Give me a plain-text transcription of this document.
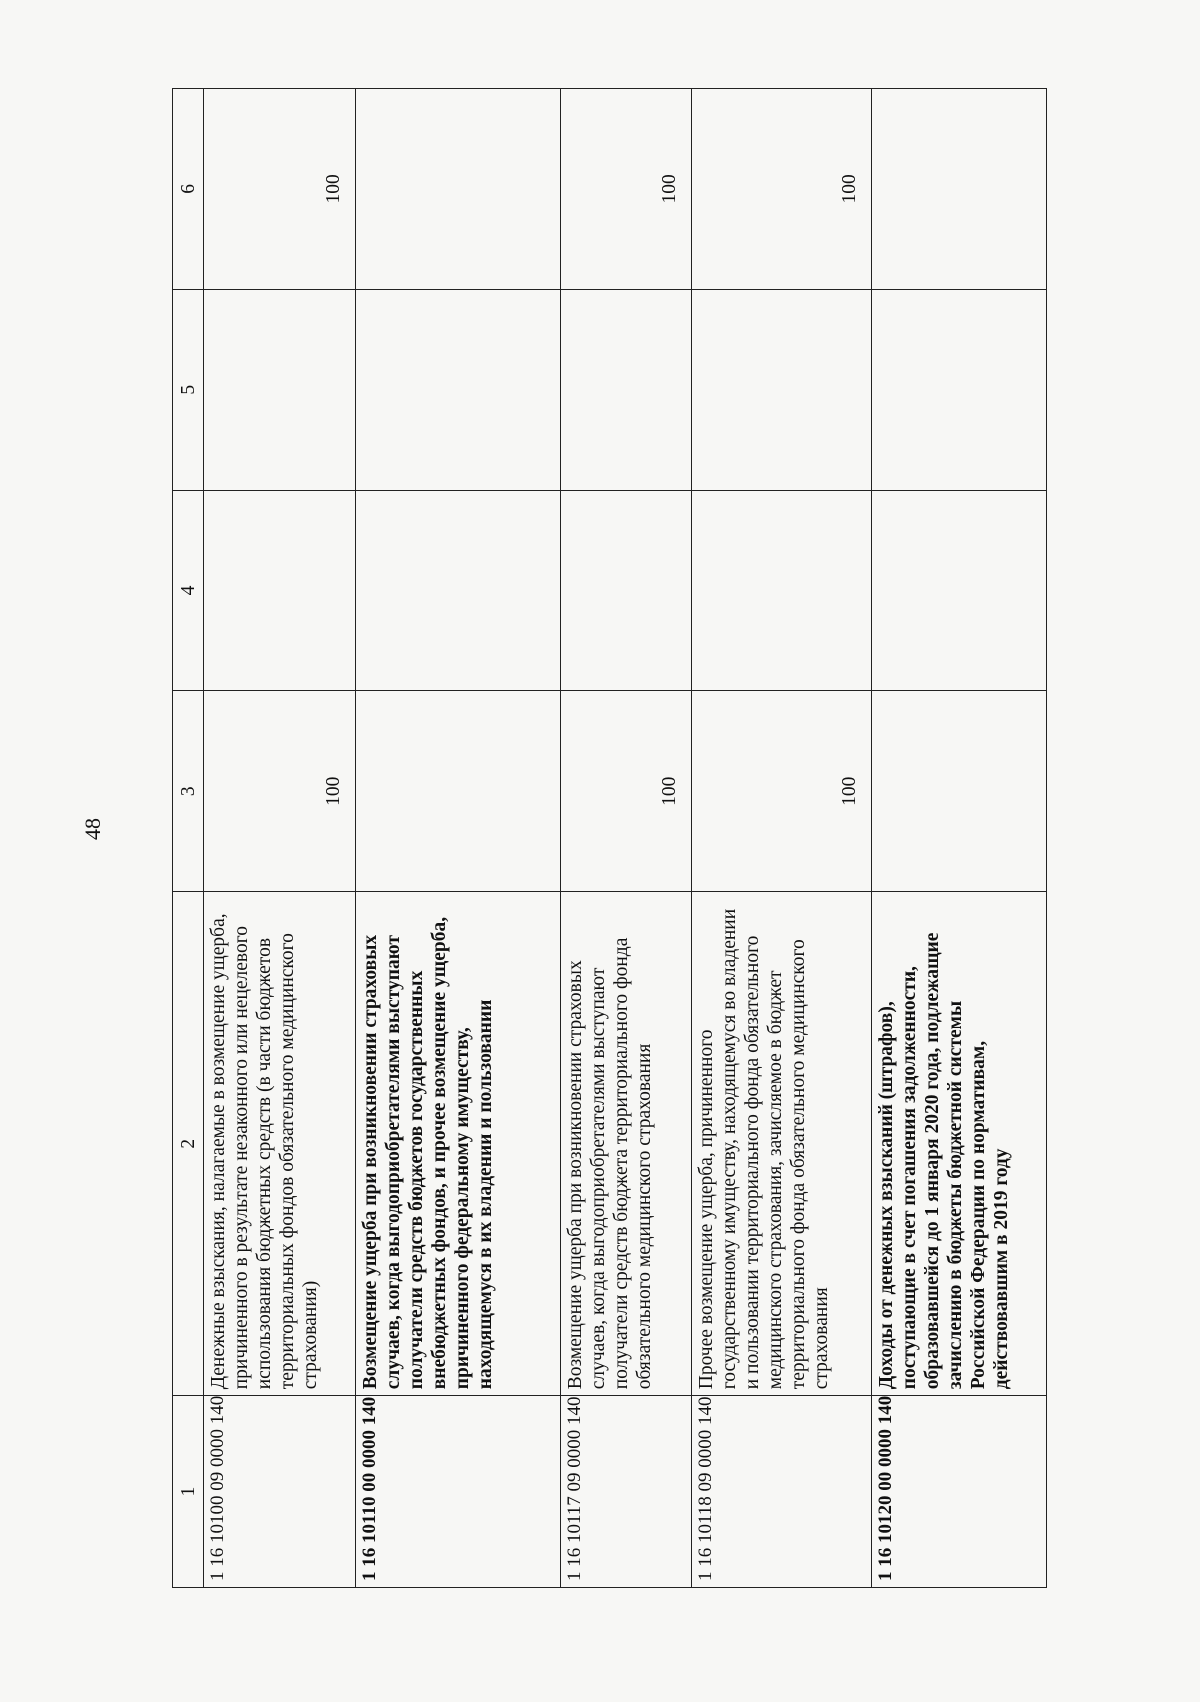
48
1	2	3	4	5	6
1 16 10100 09 0000 140	Денежные взыскания, налагаемые в возмещение ущерба, причиненного в результате незаконного или нецелевого использования бюджетных средств (в части бюджетов территориальных фондов обязательного медицинского страхования)	100			100
1 16 10110 00 0000 140	Возмещение ущерба при возникновении страховых случаев, когда выгодоприобретателями выступают получатели средств бюджетов государственных внебюджетных фондов, и прочее возмещение ущерба, причиненного федеральному имуществу, находящемуся в их владении и пользовании				
1 16 10117 09 0000 140	Возмещение ущерба при возникновении страховых случаев, когда выгодоприобретателями выступают получатели средств бюджета территориального фонда обязательного медицинского страхования	100			100
1 16 10118 09 0000 140	Прочее возмещение ущерба, причиненного государственному имуществу, находящемуся во владении и пользовании территориального фонда обязательного медицинского страхования, зачисляемое в бюджет территориального фонда обязательного медицинского страхования	100			100
1 16 10120 00 0000 140	Доходы от денежных взысканий (штрафов), поступающие в счет погашения задолженности, образовавшейся до 1 января 2020 года, подлежащие зачислению в бюджеты бюджетной системы Российской Федерации по нормативам, действовавшим в 2019 году				
